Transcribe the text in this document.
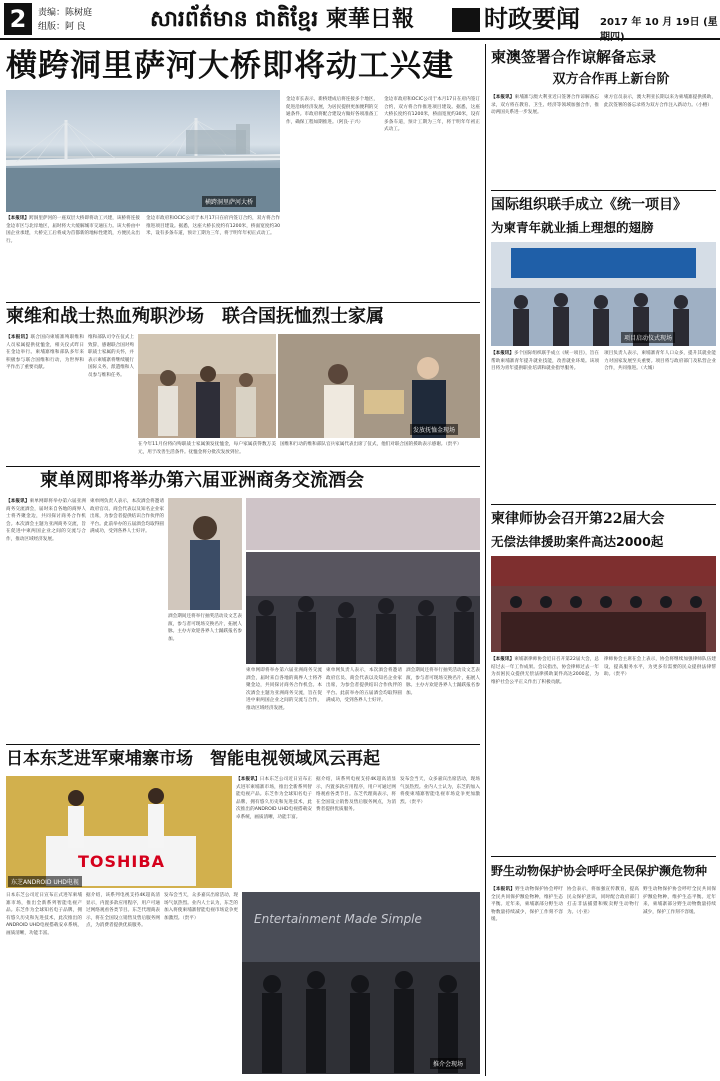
2	责编：陈树庭
组版：阿 良	សារព័ត៌មាន ជាតិខ្មែរ 柬華日報	时政要闻 2017 年 10 月 19日 (星期四)
横跨洞里萨河大桥即将动工兴建
横跨洞里萨河大桥
【本报讯】跨洞里萨河的一座双层大桥即将动工兴建，该桥将连接金边市区与北岸地区，届时将大大缓解城市交通压力。该大桥由中国企业承建，大桥完工后将成为首都新的地标性建筑，方便民众出行。
金边市政府和OCIC公司于本月17日在府内签订合约，双方将合作推进项目建设。据悉，这座大桥长度约有1200米，桥面宽度约30米，设有多条车道，预计工期为三年，将于明年年初正式动工。
金边市长表示，新桥建成后将连接多个地区，促进沿线经济发展，为居民提供更加便利的交通条件。市政府将配合建设方做好各项准备工作，确保工程如期推进。（阿良·子兴）
金边市政府和OCIC公司于本月17日在府内签订合约，双方将合作推进项目建设。据悉，这座大桥长度约有1200米，桥面宽度约30米，设有多条车道，预计工期为三年，将于明年年初正式动工。
柬维和战士热血殉职沙场　联合国抚恤烈士家属
【本报讯】联合国向柬埔寨殉职维和人员家属提供抚恤金，相关仪式昨日在金边举行。柬埔寨维和部队多年来积极参与联合国维和行动，为世界和平作出了重要贡献。
维和部队司令在仪式上致辞，感谢联合国对殉职战士家属的关怀，并表示柬埔寨将继续履行国际义务，派遣维和人员参与维和任务。
发放抚恤金现场
在今年11月份将向殉职战士家属颁发抚恤金，每户家属获得数万美元，用于改善生活条件。抚恤金将分批次发放到位。
国维和行动的维和部队官兵家属代表出席了仪式，他们对联合国的援助表示感谢。（贵平）
柬单网即将举办第六届亚洲商务交流酒会
【本报讯】柬单网即将举办第六届亚洲商务交流酒会，届时来自各地的商界人士将齐聚金边，共同探讨商务合作机会。本次酒会主题为亚洲商务交流，旨在促进中柬两国企业之间的交流与合作，推动区域经济发展。
柬单网负责人表示，本次酒会将邀请政府官员、商会代表以及知名企业家出席，为参会者提供结识合作伙伴的平台。此前举办的五届酒会均取得圆满成功，受到各界人士好评。
酒会期间还将举行抽奖活动及文艺表演，参与者可现场交换名片，拓展人脉。主办方欢迎各界人士踊跃报名参加。
柬单网即将举办第六届亚洲商务交流酒会，届时来自各地的商界人士将齐聚金边，共同探讨商务合作机会。本次酒会主题为亚洲商务交流，旨在促进中柬两国企业之间的交流与合作，推动区域经济发展。
柬单网负责人表示，本次酒会将邀请政府官员、商会代表以及知名企业家出席，为参会者提供结识合作伙伴的平台。此前举办的五届酒会均取得圆满成功，受到各界人士好评。
酒会期间还将举行抽奖活动及文艺表演，参与者可现场交换名片，拓展人脉。主办方欢迎各界人士踊跃报名参加。
日本东芝进军柬埔寨市场　智能电视领域风云再起
TOSHIBA
东芝ANDROID UHD电视
【本报讯】日本东芝公司近日宣布正式进军柬埔寨市场，推出全新系列智能电视产品。东芝作为全球知名电子品牌，拥有悠久历史和先进技术，此次推出的ANDROID UHD电视搭载安卓系统，画质清晰，功能丰富。
据介绍，该系列电视支持4K超高清显示，内置多款应用程序，用户可通过网络观看各类节目。东芝代理商表示，将在全国设立销售及售后服务网点，为消费者提供优质服务。
发布会当天，众多嘉宾出席活动，现场气氛热烈。业内人士认为，东芝的加入将使柬埔寨智能电视市场竞争更加激烈。（贵平）
日本东芝公司近日宣布正式进军柬埔寨市场，推出全新系列智能电视产品。东芝作为全球知名电子品牌，拥有悠久历史和先进技术，此次推出的ANDROID UHD电视搭载安卓系统，画质清晰，功能丰富。
据介绍，该系列电视支持4K超高清显示，内置多款应用程序，用户可通过网络观看各类节目。东芝代理商表示，将在全国设立销售及售后服务网点，为消费者提供优质服务。
发布会当天，众多嘉宾出席活动，现场气氛热烈。业内人士认为，东芝的加入将使柬埔寨智能电视市场竞争更加激烈。（贵平）	Entertainment Made Simple
推介会现场
柬澳签署合作谅解备忘录
双方合作再上新台阶
【本报讯】柬埔寨与澳大利亚近日签署合作谅解备忘录，双方将在教育、卫生、经济等领域加强合作，推动两国关系进一步发展。
柬方官员表示，澳大利亚长期以来为柬埔寨提供援助，此次签署的备忘录将为双方合作注入新动力。（小榕）
国际组织联手成立《统一项目》
为柬青年就业插上理想的翅膀
项目启动仪式现场
【本报讯】多个国际组织联手成立《统一项目》，旨在帮助柬埔寨青年提升就业技能，改善就业环境。该项目将为青年提供职业培训和就业指导服务。
项目负责人表示，柬埔寨青年人口众多，提升其就业能力对国家发展至关重要。项目将与政府部门及私营企业合作，共同推进。（大城）
柬律师协会召开第22届大会
无偿法律援助案件高达2000起
【本报讯】柬埔寨律师协会近日召开第22届大会，总结过去一年工作成果。会议指出，协会律师过去一年为贫困民众提供无偿法律援助案件高达2000起，为维护社会公平正义作出了积极贡献。
律师协会主席在会上表示，协会将继续加强律师队伍建设，提高服务水平，为更多有需要的民众提供法律帮助。（贵平）
野生动物保护协会呼吁全民保护濒危物种
【本报讯】野生动物保护协会呼吁全民共同保护濒危物种，维护生态平衡。近年来，柬埔寨部分野生动物数量持续减少，保护工作刻不容缓。
协会表示，将加强宣传教育，提高民众保护意识，同时配合政府部门打击非法捕猎和贩卖野生动物行为。（小亚）
野生动物保护协会呼吁全民共同保护濒危物种，维护生态平衡。近年来，柬埔寨部分野生动物数量持续减少，保护工作刻不容缓。
